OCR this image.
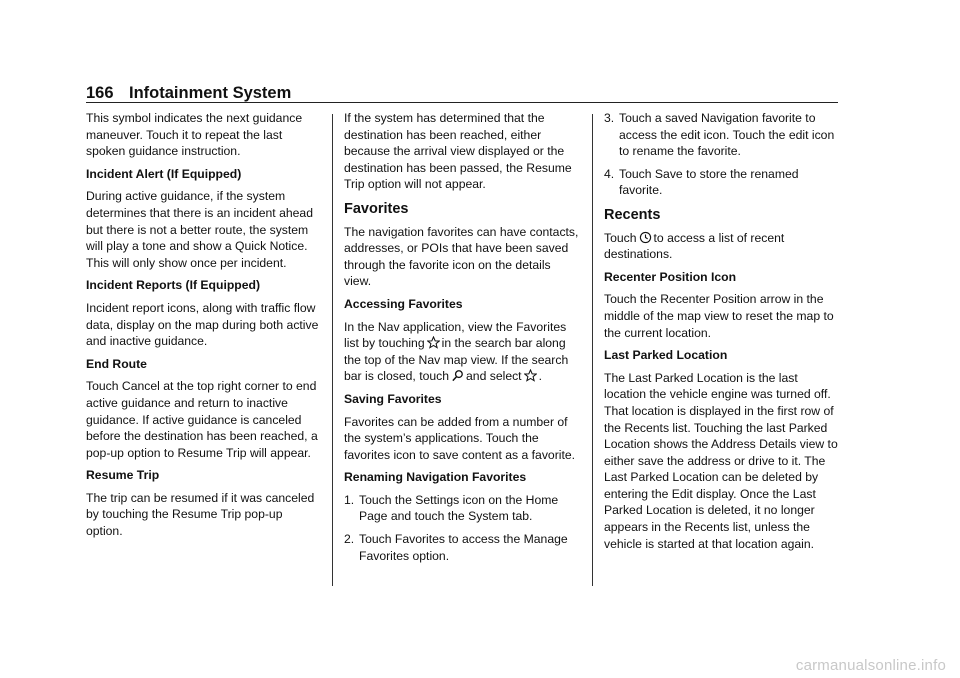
166 Infotainment System

This symbol indicates the next guidance maneuver. Touch it to repeat the last spoken guidance instruction.

Incident Alert (If Equipped)

During active guidance, if the system determines that there is an incident ahead but there is not a better route, the system will play a tone and show a Quick Notice. This will only show once per incident.

Incident Reports (If Equipped)

Incident report icons, along with traffic flow data, display on the map during both active and inactive guidance.

End Route

Touch Cancel at the top right corner to end active guidance and return to inactive guidance. If active guidance is canceled before the destination has been reached, a pop-up option to Resume Trip will appear.

Resume Trip

The trip can be resumed if it was canceled by touching the Resume Trip pop-up option.

If the system has determined that the destination has been reached, either because the arrival view displayed or the destination has been passed, the Resume Trip option will not appear.

Favorites

The navigation favorites can have contacts, addresses, or POIs that have been saved through the favorite icon on the details view.

Accessing Favorites

In the Nav application, view the Favorites list by touching in the search bar along the top of the Nav map view. If the search bar is closed, touch and select .

Saving Favorites

Favorites can be added from a number of the system’s applications. Touch the favorites icon to save content as a favorite.

Renaming Navigation Favorites

1. Touch the Settings icon on the Home Page and touch the System tab.
2. Touch Favorites to access the Manage Favorites option.
3. Touch a saved Navigation favorite to access the edit icon. Touch the edit icon to rename the favorite.
4. Touch Save to store the renamed favorite.
Recents

Touch to access a list of recent destinations.

Recenter Position Icon

Touch the Recenter Position arrow in the middle of the map view to reset the map to the current location.

Last Parked Location

The Last Parked Location is the last location the vehicle engine was turned off. That location is displayed in the first row of the Recents list. Touching the last Parked Location shows the Address Details view to either save the address or drive to it. The Last Parked Location can be deleted by entering the Edit display. Once the Last Parked Location is deleted, it no longer appears in the Recents list, unless the vehicle is started at that location again.

carmanualsonline.info
